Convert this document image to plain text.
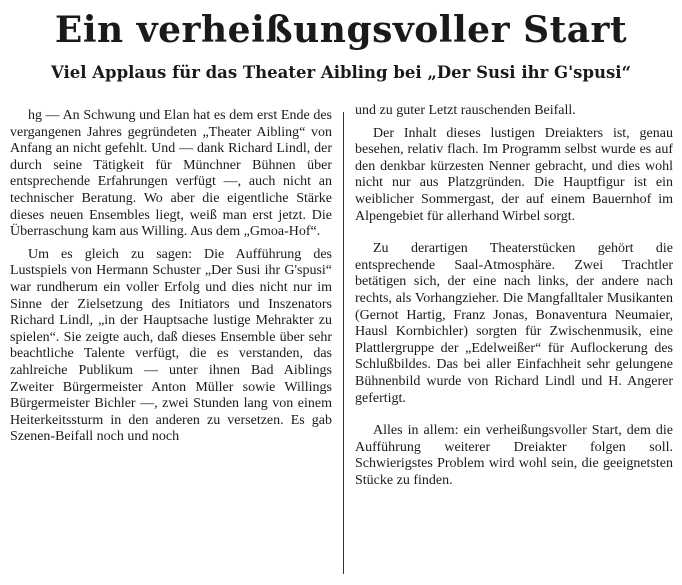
Ein verheißungsvoller Start
Viel Applaus für das Theater Aibling bei „Der Susi ihr G'spusi“

hg — An Schwung und Elan hat es dem erst Ende des vergangenen Jahres gegründeten „Theater Aibling“ von Anfang an nicht gefehlt. Und — dank Richard Lindl, der durch seine Tätigkeit für Münchner Bühnen über entsprechende Erfahrungen verfügt —, auch nicht an technischer Beratung. Wo aber die eigentliche Stärke dieses neuen Ensembles liegt, weiß man erst jetzt. Die Überraschung kam aus Willing. Aus dem „Gmoa-Hof“.

Um es gleich zu sagen: Die Aufführung des Lustspiels von Hermann Schuster „Der Susi ihr G'spusi“ war rundherum ein voller Erfolg und dies nicht nur im Sinne der Zielsetzung des Initiators und Inszenators Richard Lindl, „in der Hauptsache lustige Mehrakter zu spielen“. Sie zeigte auch, daß dieses Ensemble über sehr beachtliche Talente verfügt, die es verstanden, das zahlreiche Publikum — unter ihnen Bad Aiblings Zweiter Bürgermeister Anton Müller sowie Willings Bürgermeister Bichler —, zwei Stunden lang von einem Heiterkeitssturm in den anderen zu versetzen. Es gab Szenen-Beifall noch und noch

und zu guter Letzt rauschenden Beifall.

Der Inhalt dieses lustigen Dreiakters ist, genau besehen, relativ flach. Im Programm selbst wurde es auf den denkbar kürzesten Nenner gebracht, und dies wohl nicht nur aus Platzgründen. Die Hauptfigur ist ein weiblicher Sommergast, der auf einem Bauernhof im Alpengebiet für allerhand Wirbel sorgt.

Zu derartigen Theaterstücken gehört die entsprechende Saal-Atmosphäre. Zwei Trachtler betätigen sich, der eine nach links, der andere nach rechts, als Vorhangzieher. Die Mangfalltaler Musikanten (Gernot Hartig, Franz Jonas, Bonaventura Neumaier, Hausl Kornbichler) sorgten für Zwischenmusik, eine Plattlergruppe der „Edelweißer“ für Auflockerung des Schlußbildes. Das bei aller Einfachheit sehr gelungene Bühnenbild wurde von Richard Lindl und H. Angerer gefertigt.

Alles in allem: ein verheißungsvoller Start, dem die Aufführung weiterer Dreiakter folgen soll. Schwierigstes Problem wird wohl sein, die geeignetsten Stücke zu finden.
